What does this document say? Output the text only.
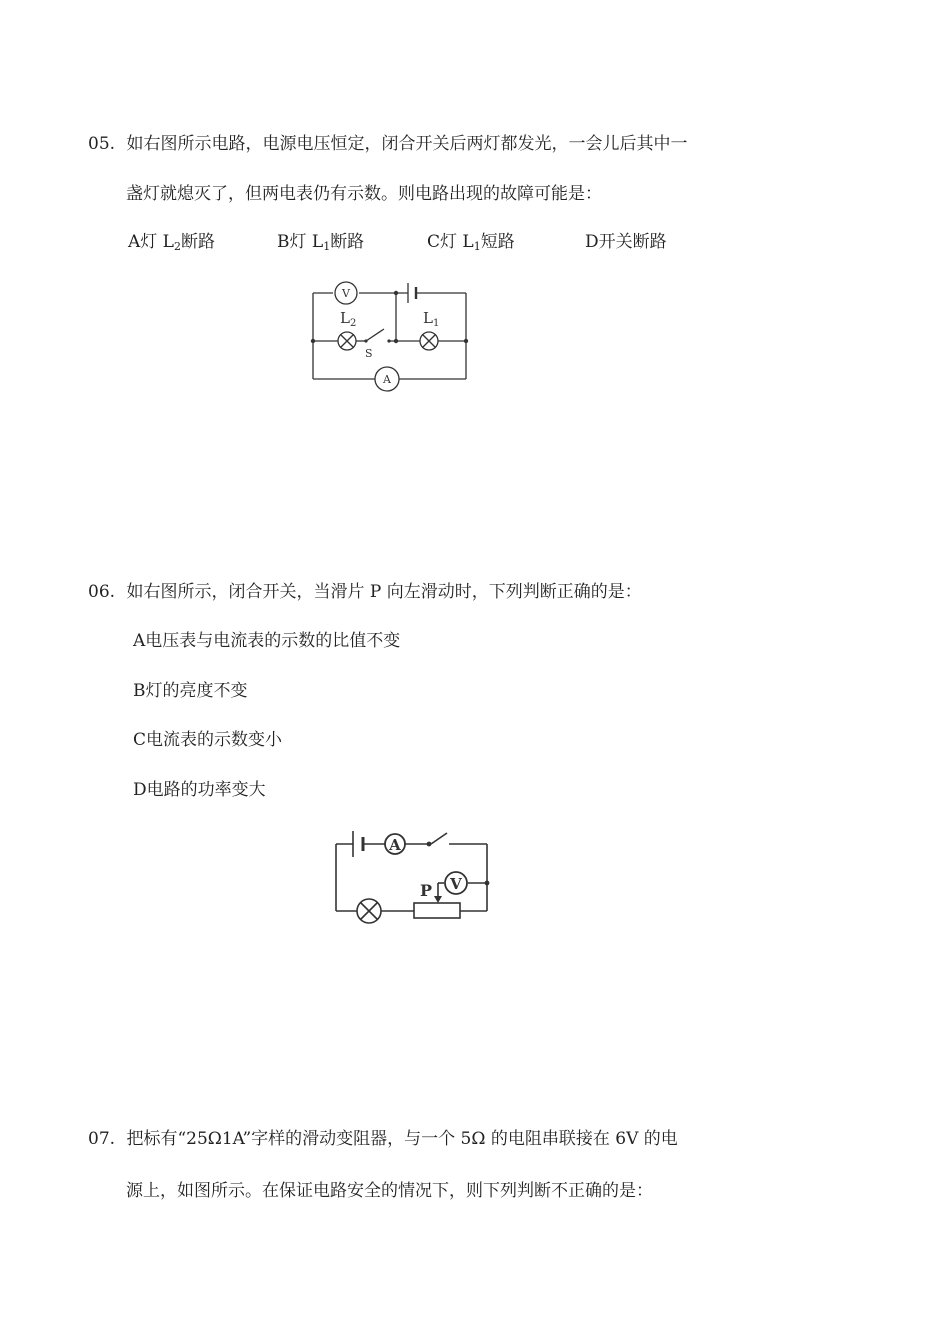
05. 如右图所示电路，电源电压恒定，闭合开关后两灯都发光，一会儿后其中一
盏灯就熄灭了，但两电表仍有示数。则电路出现的故障可能是：
A灯 $L_2$断路	B灯 $L_1$断路	C灯 $L_1$短路	D开关断路
V
$L_2$	$L_1$
S
A
06. 如右图所示，闭合开关，当滑片 P 向左滑动时，下列判断正确的是：
A电压表与电流表的示数的比值不变
B灯的亮度不变
C电流表的示数变小
D电路的功率变大
A
V
P
07. 把标有“25Ω1A”字样的滑动变阻器，与一个 5Ω 的电阻串联接在 6V 的电
源上，如图所示。在保证电路安全的情况下，则下列判断不正确的是：
